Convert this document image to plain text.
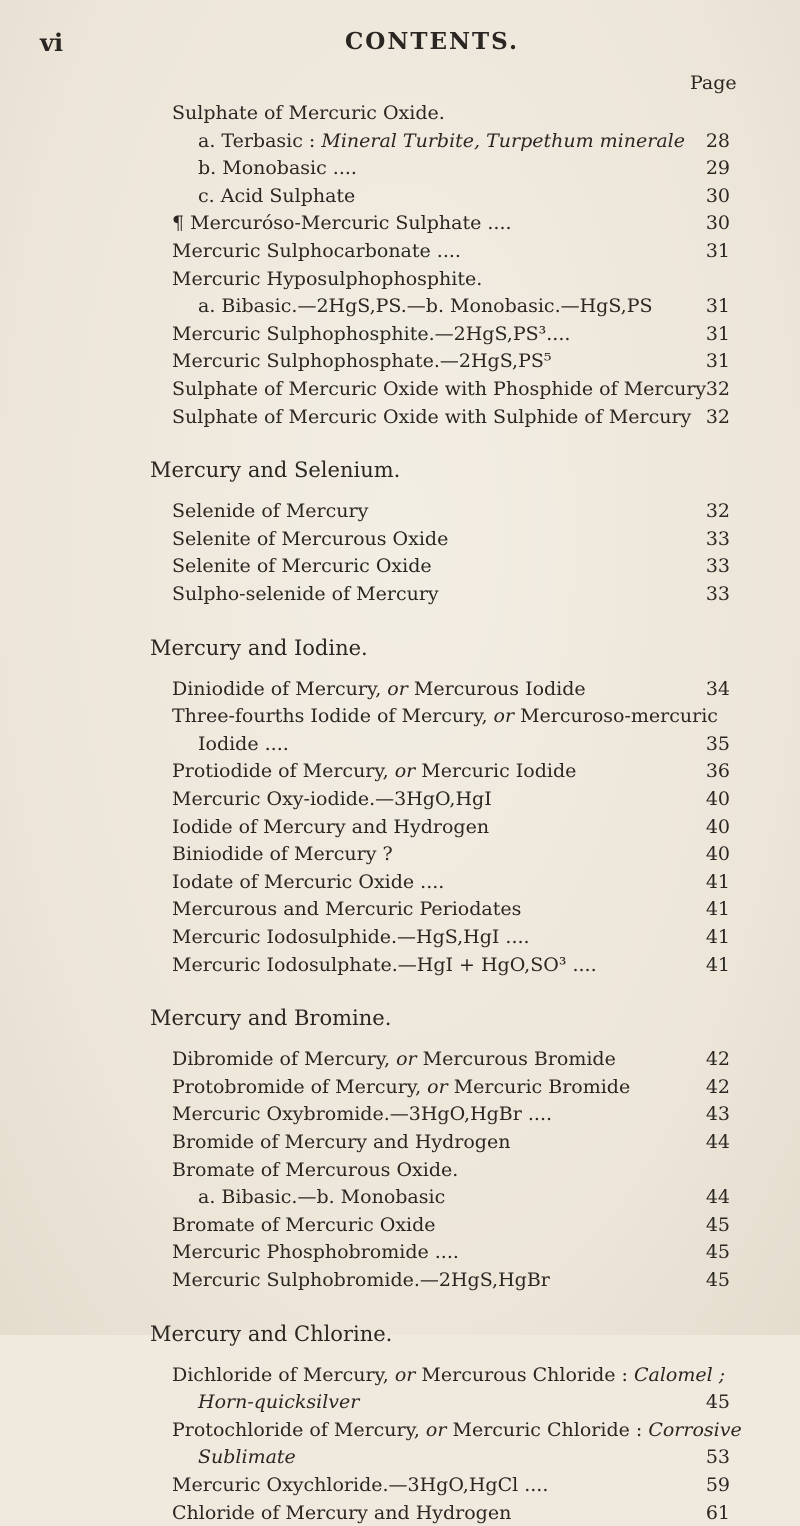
vi	CONTENTS.
Page
Sulphate of Mercuric Oxide.
a. Terbasic : Mineral Turbite, Turpethum minerale	28
b. Monobasic ....	29
c. Acid Sulphate	30
¶ Mercuróso-Mercuric Sulphate ....	30
Mercuric Sulphocarbonate ....	31
Mercuric Hyposulphophosphite.
a. Bibasic.—2HgS,PS.—b. Monobasic.—HgS,PS	31
Mercuric Sulphophosphite.—2HgS,PS³....	31
Mercuric Sulphophosphate.—2HgS,PS⁵	31
Sulphate of Mercuric Oxide with Phosphide of Mercury 32
Sulphate of Mercuric Oxide with Sulphide of Mercury 32
Mercury and Selenium.
Selenide of Mercury	32
Selenite of Mercurous Oxide	33
Selenite of Mercuric Oxide	33
Sulpho-selenide of Mercury	33
Mercury and Iodine.
Diniodide of Mercury, or Mercurous Iodide	34
Three-fourths Iodide of Mercury, or Mercuroso-mercuric
Iodide ....	35
Protiodide of Mercury, or Mercuric Iodide	36
Mercuric Oxy-iodide.—3HgO,HgI	40
Iodide of Mercury and Hydrogen	40
Biniodide of Mercury ?	40
Iodate of Mercuric Oxide ....	41
Mercurous and Mercuric Periodates	41
Mercuric Iodosulphide.—HgS,HgI ....	41
Mercuric Iodosulphate.—HgI + HgO,SO³ ....	41
Mercury and Bromine.
Dibromide of Mercury, or Mercurous Bromide	42
Protobromide of Mercury, or Mercuric Bromide	42
Mercuric Oxybromide.—3HgO,HgBr ....	43
Bromide of Mercury and Hydrogen	44
Bromate of Mercurous Oxide.
a. Bibasic.—b. Monobasic	44
Bromate of Mercuric Oxide	45
Mercuric Phosphobromide ....	45
Mercuric Sulphobromide.—2HgS,HgBr	45
Mercury and Chlorine.
Dichloride of Mercury, or Mercurous Chloride : Calomel ;
Horn-quicksilver	45
Protochloride of Mercury, or Mercuric Chloride : Corrosive
Sublimate	53
Mercuric Oxychloride.—3HgO,HgCl ....	59
Chloride of Mercury and Hydrogen	61
